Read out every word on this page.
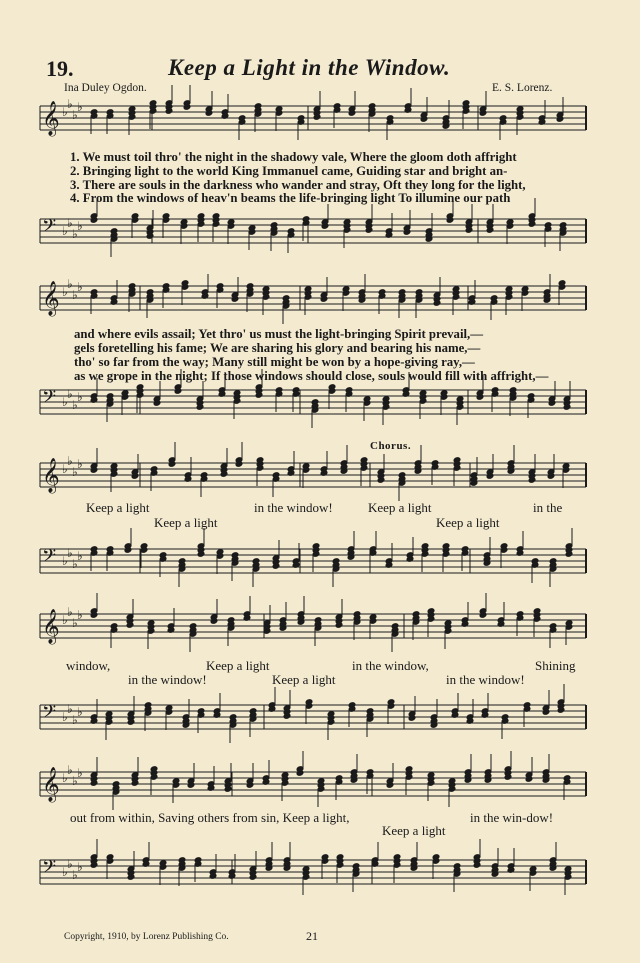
19.	Keep a Light in the Window.
Ina Duley Ogdon.	E. S. Lorenz.
𝄞 ♭
♭
♭
♭
𝄢 ♭
♭
♭
♭
𝄞 ♭
♭
♭
♭
𝄢 ♭
♭
♭
♭
𝄞 ♭
♭
♭
♭
𝄢 ♭
♭
♭
♭
𝄞 ♭
♭
♭
♭
𝄢 ♭
♭
♭
♭
𝄞 ♭
♭
♭
♭
𝄢 ♭
♭
♭
♭
1. We must toil thro' the night in the shadowy vale, Where the gloom doth affright
2. Bringing light to the world King Immanuel came, Guiding star and bright an-
3. There are souls in the darkness who wander and stray, Oft they long for the light,
4. From the windows of heav'n beams the life-bringing light To illumine our path
and where evils assail; Yet thro' us must the light-bringing Spirit prevail,—
gels foretelling his fame; We are sharing his glory and bearing his name,—
tho' so far from the way; Many still might be won by a hope-giving ray,—
as we grope in the night; If those windows should close, souls would fill with affright,—
Chorus.
Keep a light	in the window!	Keep a light	in the
Keep a light	Keep a light
window,	Keep a light	in the window,	Shining
in the window!	Keep a light	in the window!
out from within, Saving others from sin, Keep a light,	in the win-dow!
Keep a light
Copyright, 1910, by Lorenz Publishing Co.	21
